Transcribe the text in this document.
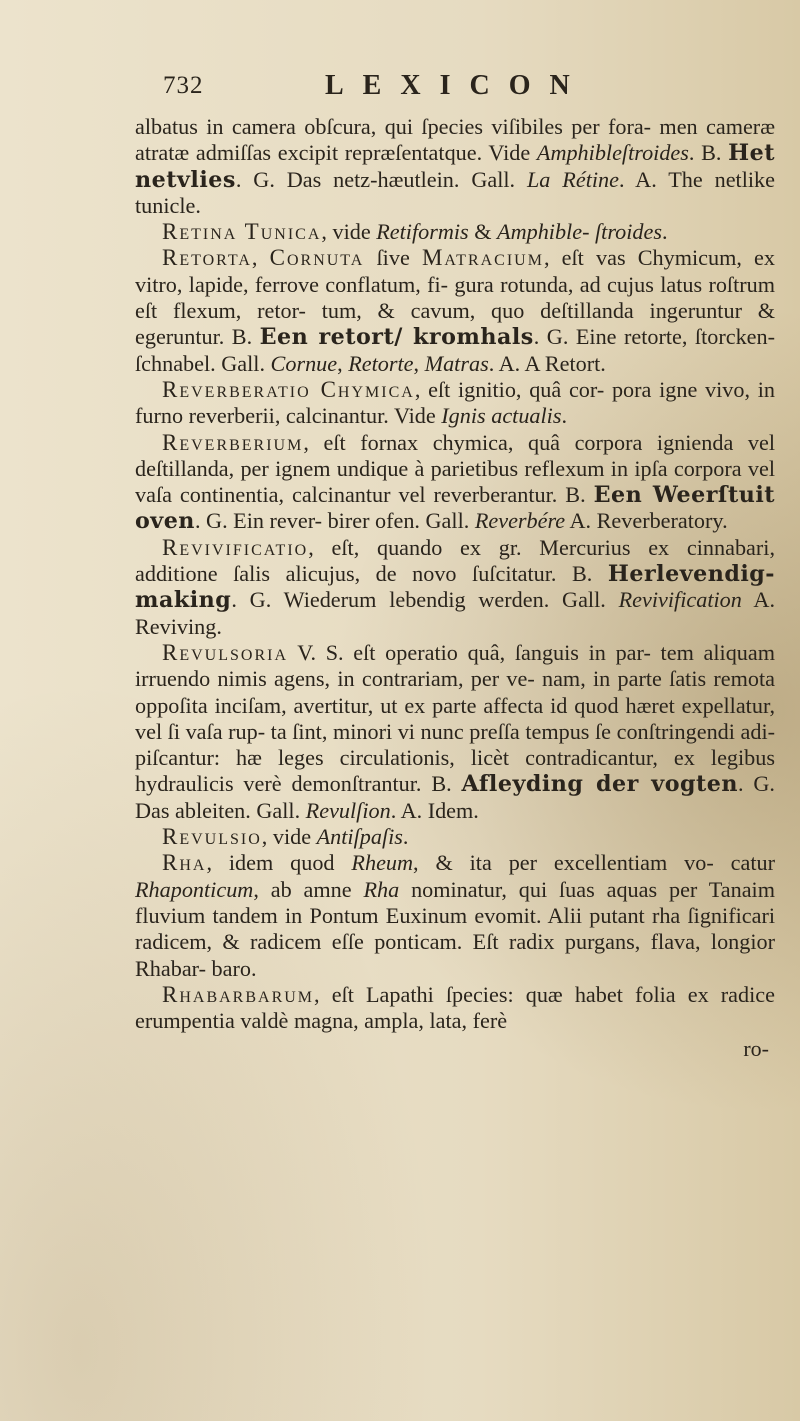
732	LEXICON

albatus in camera obſcura, qui ſpecies viſibiles per fora- men cameræ atratæ admiſſas excipit repræſentatque. Vide Amphibleſtroides. B. Het netvlies. G. Das netz-hæutlein. Gall. La Rétine. A. The netlike tunicle.

Retina Tunica, vide Retiformis & Amphible- ſtroides.

Retorta, Cornuta ſive Matracium, eſt vas Chymicum, ex vitro, lapide, ferrove conflatum, fi- gura rotunda, ad cujus latus roſtrum eſt flexum, retor- tum, & cavum, quo deſtillanda ingeruntur & egeruntur. B. Een retort/ kromhals. G. Eine retorte, ſtorcken- ſchnabel. Gall. Cornue, Retorte, Matras. A. A Retort.

Reverberatio Chymica, eſt ignitio, quâ cor- pora igne vivo, in furno reverberii, calcinantur. Vide Ignis actualis.

Reverberium, eſt fornax chymica, quâ corpora ignienda vel deſtillanda, per ignem undique à parietibus reflexum in ipſa corpora vel vaſa continentia, calcinantur vel reverberantur. B. Een Weerſtuit oven. G. Ein rever- birer ofen. Gall. Reverbére A. Reverberatory.

Revivificatio, eſt, quando ex gr. Mercurius ex cinnabari, additione ſalis alicujus, de novo ſuſcitatur. B. Herlevendig-making. G. Wiederum lebendig werden. Gall. Revivification A. Reviving.

Revulsoria V. S. eſt operatio quâ, ſanguis in par- tem aliquam irruendo nimis agens, in contrariam, per ve- nam, in parte ſatis remota oppoſita inciſam, avertitur, ut ex parte affecta id quod hæret expellatur, vel ſi vaſa rup- ta ſint, minori vi nunc preſſa tempus ſe conſtringendi adi- piſcantur: hæ leges circulationis, licèt contradicantur, ex legibus hydraulicis verè demonſtrantur. B. Afleyding der vogten. G. Das ableiten. Gall. Revulſion. A. Idem.

Revulsio, vide Antiſpaſis.

Rha, idem quod Rheum, & ita per excellentiam vo- catur Rhaponticum, ab amne Rha nominatur, qui ſuas aquas per Tanaim fluvium tandem in Pontum Euxinum evomit. Alii putant rha ſignificari radicem, & radicem eſſe ponticam. Eſt radix purgans, flava, longior Rhabar- baro.

Rhabarbarum, eſt Lapathi ſpecies: quæ habet folia ex radice erumpentia valdè magna, ampla, lata, ferè

ro-
